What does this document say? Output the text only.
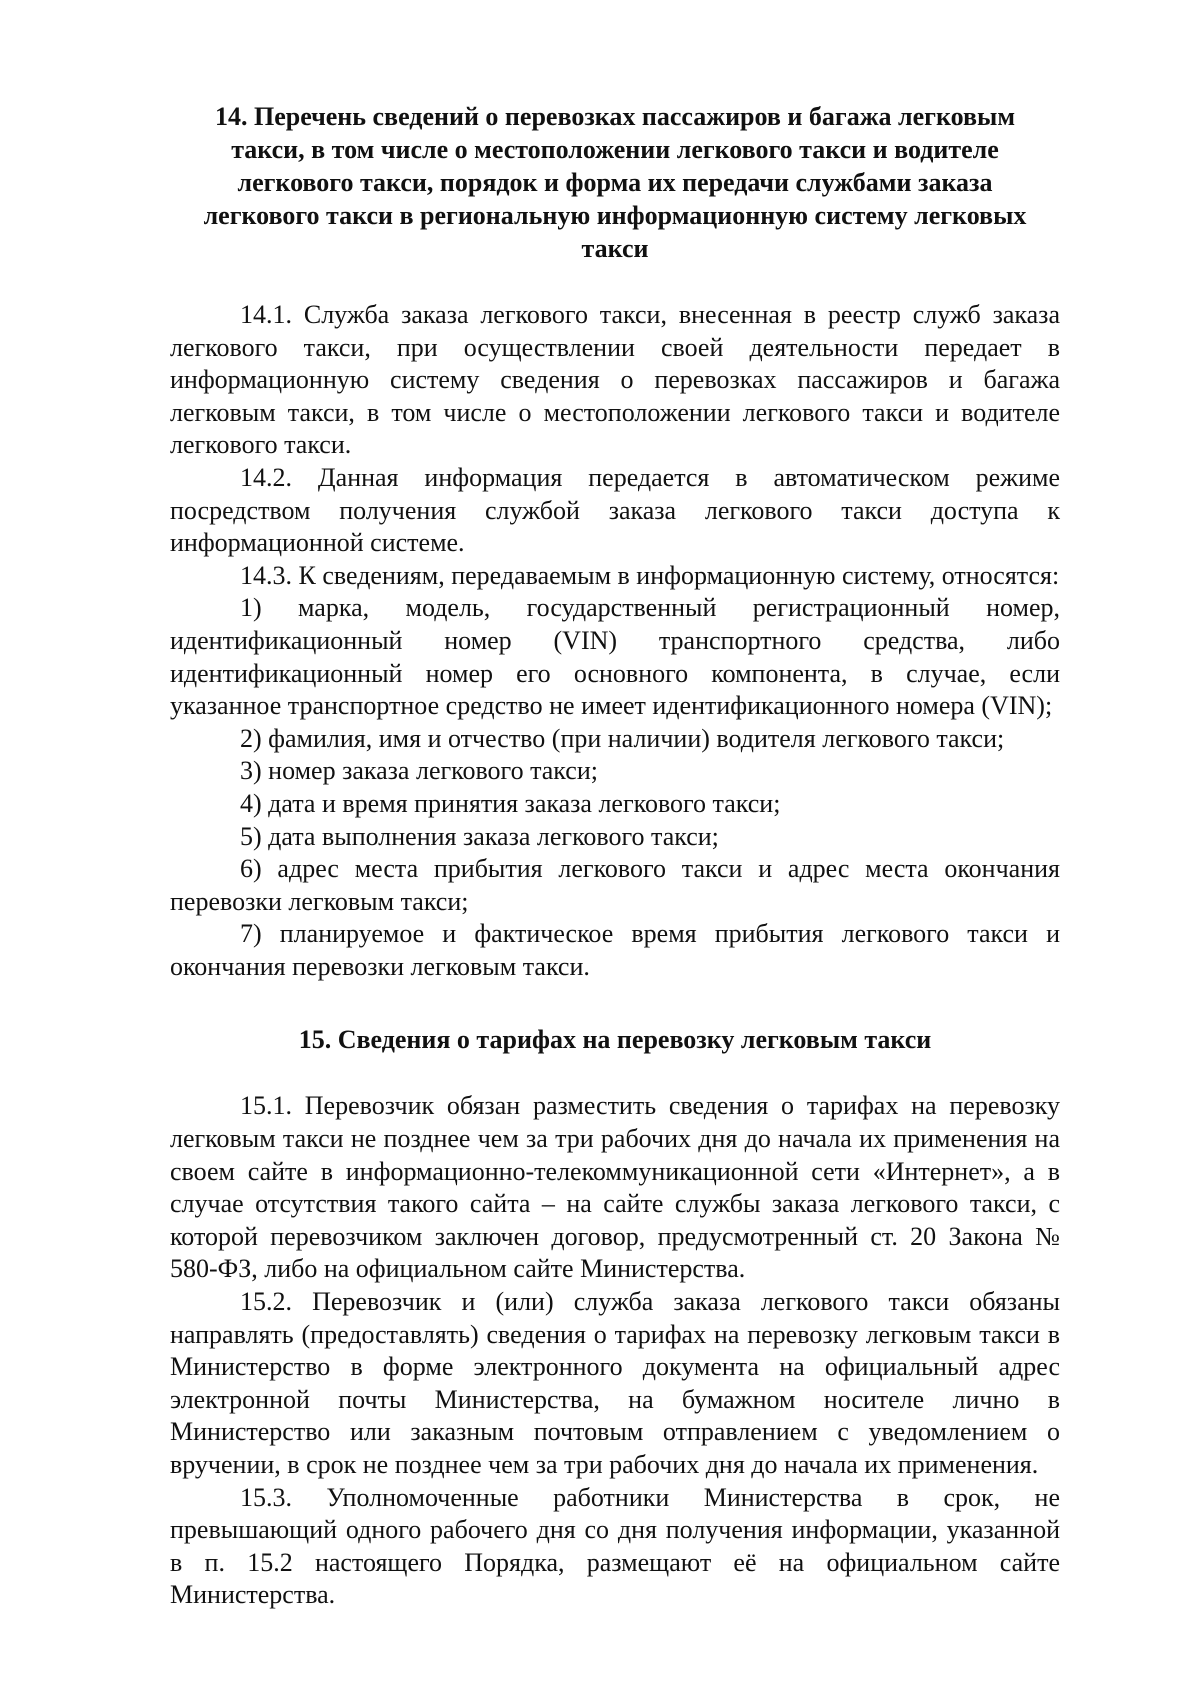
14. Перечень сведений о перевозках пассажиров и багажа легковым такси, в том числе о местоположении легкового такси и водителе легкового такси, порядок и форма их передачи службами заказа легкового такси в региональную информационную систему легковых такси

14.1. Служба заказа легкового такси, внесенная в реестр служб заказа легкового такси, при осуществлении своей деятельности передает в информационную систему сведения о перевозках пассажиров и багажа легковым такси, в том числе о местоположении легкового такси и водителе легкового такси.

14.2. Данная информация передается в автоматическом режиме посредством получения службой заказа легкового такси доступа к информационной системе.

14.3. К сведениям, передаваемым в информационную систему, относятся:

1) марка, модель, государственный регистрационный номер, идентификационный номер (VIN) транспортного средства, либо идентификационный номер его основного компонента, в случае, если указанное транспортное средство не имеет идентификационного номера (VIN);

2) фамилия, имя и отчество (при наличии) водителя легкового такси;

3) номер заказа легкового такси;

4) дата и время принятия заказа легкового такси;

5) дата выполнения заказа легкового такси;

6) адрес места прибытия легкового такси и адрес места окончания перевозки легковым такси;

7) планируемое и фактическое время прибытия легкового такси и окончания перевозки легковым такси.

15. Сведения о тарифах на перевозку легковым такси

15.1. Перевозчик обязан разместить сведения о тарифах на перевозку легковым такси не позднее чем за три рабочих дня до начала их применения на своем сайте в информационно-телекоммуникационной сети «Интернет», а в случае отсутствия такого сайта – на сайте службы заказа легкового такси, с которой перевозчиком заключен договор, предусмотренный ст. 20 Закона № 580-ФЗ, либо на официальном сайте Министерства.

15.2. Перевозчик и (или) служба заказа легкового такси обязаны направлять (предоставлять) сведения о тарифах на перевозку легковым такси в Министерство в форме электронного документа на официальный адрес электронной почты Министерства, на бумажном носителе лично в Министерство или заказным почтовым отправлением с уведомлением о вручении, в срок не позднее чем за три рабочих дня до начала их применения.

15.3. Уполномоченные работники Министерства в срок, не превышающий одного рабочего дня со дня получения информации, указанной в п. 15.2 настоящего Порядка, размещают её на официальном сайте Министерства.
